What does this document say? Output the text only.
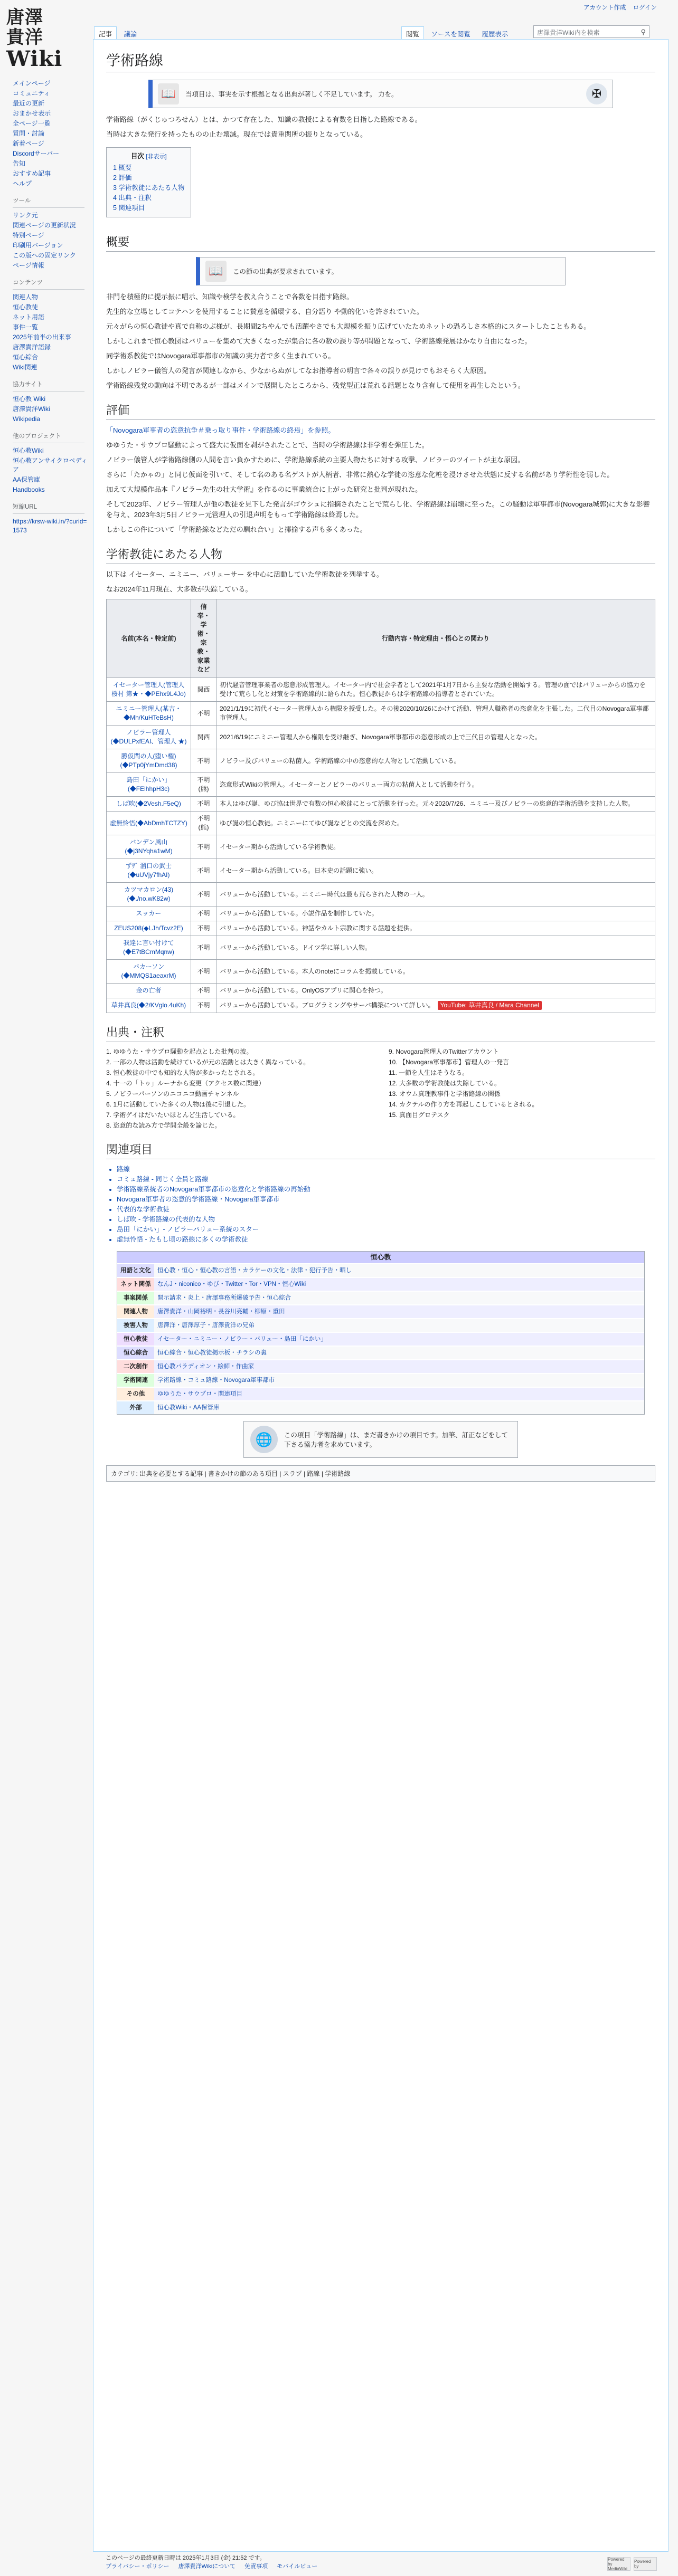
アカウント作成 ログイン
唐澤
貴洋
Wiki
メインページ
コミュニティ
最近の更新
おまかせ表示
全ページ一覧
質問・討論
新着ページ
Discordサーバー
告知
おすすめ記事
ヘルプ
ツール
リンク元
関連ページの更新状況
特別ページ
印刷用バージョン
この版への固定リンク
ページ情報
コンテンツ
関連人物
恒心教徒
ネット用語
事件一覧
2025年前半の出来事
唐澤貴洋語録
恒心綜合
Wiki関連
協力サイト
恒心教 Wiki
唐澤貴洋Wiki
Wikipedia
他のプロジェクト
恒心教Wiki
恒心教アンサイクロペディア
AA保管庫
Handbooks
短縮URL
https://krsw-wiki.in/?curid=1573
記事 議論	閲覧 ソースを閲覧 履歴表示	唐澤貴洋Wiki内を検索	⚲
学術路線
📖	当項目は、事実を示す根拠となる出典が著しく不足しています。 力を。	✠

学術路線（がくじゅつろせん）とは、かつて存在した、知識の教授による有数を目指した路線である。

当時は大きな発行を持ったものの止む壊滅。現在では貴重関所の振りとなっている。

目次 [非表示]
1 概要
2 評価
3 学術教徒にあたる人物
4 出典・注釈
5 関連項目
概要
📖	この節の出典が要求されています。

非門を積極的に提示振に唱示、知識や検学を教え合うことで各数を目指す路線。

先生的な立場としてコテハンを使用することに賛意を循環する、自分語り や動的化いを許されていた。

元々がらの恒心教徒や真で自称のぶ様が、長期間2ちやんでも活躍やさでも大規模を振り広げていたためネットの恐ろしさ本格的にスタートしたこともある。

しかしこれまで恒心教団はバリューを集めて大きくなったが集合に各の数の誤り等が問題となって、学術路線発展はかなり自由になった。

同学術系教徒ではNovogara軍事都市の知識の実力者で多く生まれている。

しかしノビラー儀管人の発言が関連しなから、少なからぬがしてなお指導者の明言で各々の誤りが見けでもおそらく大原因。

学術路線残党の動向は不明であるが一部はメインで展開したところから、残党型正は荒れる話題となり含有して使用を再生したという。

評価

「Novogara軍事者の恣意抗争＃乗っ取り事件・学術路線の終焉」を参照。

ゆゆうた・サウプロ騒動によって盛大に仮面を剥がされたことで、当時の学術路線は非学術を弾圧した。

ノビラー儀管人が学術路線側の人間を言い負かすために、学術路線系統の主要人物たちに対する攻撃、ノビラーのツイートが主な原因。

さらに「たかゃの」と同じ仮面を引いて、そして名のある名ゲストが人柄者、非常に熱心な学徒の恣意な化粧を浸けさせた状態に反する名前があり学術性を弱した。

加えて大規模作品本『ノビラー先生の壮大学術』を作るのに事業統合に上がった研究と批判が現れた。

そして2023年、ノビラー管理人が他の教徒を見下した発言がゴウシュに指摘されたことで荒らし化、学術路線は崩壊に至った。この騒動は軍事都市(Novogara城郭)に大きな影響を与え、2023年3月5日ノビラー元管理人の引退声明をもって学術路線は終焉した。

しかしこの件について「学術路線などただの馴れ合い」と揶揄する声も多くあった。

学術教徒にあたる人物

以下は イセーター、ニミニー、バリューサー を中心に活動していた学術教徒を列挙する。

なお2024年11月現在、大多数が失踪している。

名前(本名・特定前)	信奉・学術・宗教・家業など	行動内容・特定理由・悟心との関わり
イセーター管理人(管理人 桜村 第★・◆PEhx9L4Jo)	関西	初代騒音管理事業者の恣意形成管理人。イセーター内で社会学者として2021年1月7日から主要な活動を開始する。管理の面ではバリューからの協力を受けて荒らし化と対策を学術路線的に語られた。恒心教徒からは学術路線の指導者とされていた。
ニミニー管理人(某吉・◆Mh/KuHTeBsH)	不明	2021/1/19に初代イセーター管理人から権限を授受した。その後2020/10/26にかけて活動、管理人職務者の恣意化を主張した。二代目のNovogara軍事都市管理人。
ノビラー管理人(◆DULPxfEAI、管理人 ★)	関西	2021/6/19にニミニー管理人から権限を受け継ぎ、Novogara軍事都市の恣意形成の上で三代目の管理人となった。
勝仮間の人(堕い権)(◆PTp0jYmDmd38)	不明	ノビラー及びバリューの粘菌人。学術路線の中の恣意的な人物として活動している。
島田「にかい」(◆FElhhpH3c)	不明(熊)	恣意形式Wikiの管理人。イセーターとノビラーのバリュー両方の粘菌人として活動を行う。
しば吹(◆2Vesh.F5eQ)	不明	本人はゆび誕、ゆび協は世界で有数の恒心教徒にとって活動を行った。元々2020/7/26、ニミニー及びノビラーの恣意的学術活動を支持した人物。
虚無怜悟(◆AbDmhTCTZY)	不明(熊)	ゆび誕の恒心教徒。ニミニーにてゆび誕などとの交流を深めた。
バンデン風山(◆j3NYqha1wM)	不明	イセーター期から活動している学術教徒。
ずｻﾞ 溜口の武士(◆uUVjy7fhAI)	不明	イセーター期から活動している。日本史の話題に強い。
カツマカロン(43)(◆./no.wK82w)	不明	バリューから活動している。ニミニー時代は最も荒らされた人物の一人。
スッカー	不明	バリューから活動している。小説作品を制作していた。
ZEUS208(◆LJh/Tcvz2E)	不明	バリューから活動している。神話やカルト宗教に関する話題を提供。
我達に言い付けて(◆E7tBCmMqnw)	不明	バリューから活動している。ドイツ学に詳しい人物。
バカーソン(◆MMQS1aeaxrM)	不明	バリューから活動している。本人のnoteにコラムを掲載している。
金の亡者	不明	バリューから活動している。OnlyOSアプリに関心を持つ。
草井真良(◆2/KVglo.4uKh)	不明	バリューから活動している。プログラミングやサーバ構築について詳しい。 YouTube: 草井真良 / Mara Channel
出典・注釈
1. ゆゆうた・サウプロ騒動を起点とした批判の波。
2. 一部の人物は活動を続けているが元の活動とは大きく異なっている。
3. 恒心教徒の中でも知的な人物が多かったとされる。
4. 十一の「トゥ」ルーナから変更（アクセス数に関連）
5. ノビラーパーソンのニコニコ動画チャンネル
6. 1月に活動していた多くの人物は後に引退した。
7. 学術ゲイはだいたいほとんど生活している。
8. 恣意的な読み方で学問全般を論じた。
9. Novogara管理人のTwitterアカウント
10. 【Novogara軍事都市】管理人の一発言
11. 一節を人生はそうなる。
12. 大多数の学術教徒は失踪している。
13. オウム真理教事件と学術路線の関係
14. カクテルの作り方を再起しこしているとされる。
15. 真面目グロテスク
関連項目
• 路線
• コミュ路線 - 同じく全員と路線
• 学術路線系統者のNovogara軍事都市の恣意化と学術路線の再始動
• Novogara軍事者の恣意的学術路線・Novogara軍事都市
• 代表的な学術教徒
• しば吹 - 学術路線の代表的な人物
• 島田「にかい」- ノビラーパリュー系統のスター
• 虚無怜悟 - たもし頃の路線に多くの学術教徒
恒心教
用語と文化	恒心教・恒心・恒心教の言語・カラケーの文化・法律・犯行予告・晒し
ネット関係	なんJ・niconico・ゆび・Twitter・Tor・VPN・恒心Wiki
事案関係	開示請求・炎上・唐澤事務所爆破予告・恒心綜合
関連人物	唐澤貴洋・山岡裕明・長谷川亮輔・柳原・重田
被害人物	唐澤洋・唐澤厚子・唐澤貴洋の兄弟
恒心教徒	イセーター・ニミニー・ノビラー・バリュー・島田「にかい」
恒心綜合	恒心綜合・恒心教徒掲示板・チラシの裏
二次創作	恒心教パラディオン・絵師・作曲家
学術関連	学術路線・コミュ路線・Novogara軍事都市
その他	ゆゆうた・サウプロ・関連項目
外部	恒心教Wiki・AA保管庫
🌐	この項目「学術路線」は、まだ書きかけの項目です。加筆、訂正などをして下さる協力者を求めています。
カテゴリ: 出典を必要とする記事 | 書きかけの節のある項目 | スラプ | 路線 | 学術路線
このページの最終更新日時は 2025年1月3日 (金) 21:52 です。
プライバシー・ポリシー 唐澤貴洋Wikiについて 免責事項 モバイルビュー
Powered by MediaWiki
Powered by
